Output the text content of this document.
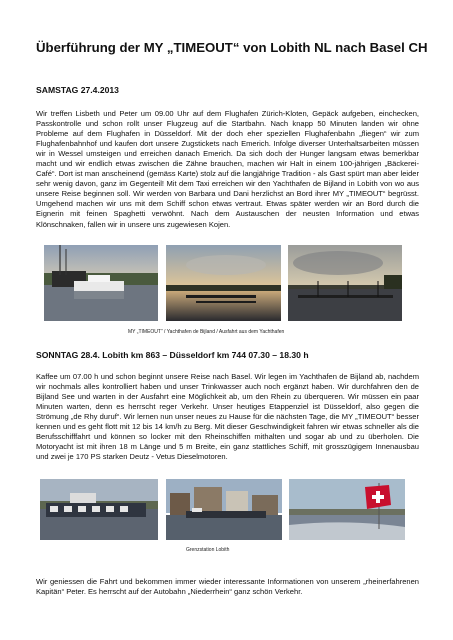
Überführung der MY „TIMEOUT“ von Lobith NL nach Basel CH
SAMSTAG 27.4.2013

Wir treffen Lisbeth und Peter um 09.00 Uhr auf dem Flughafen Zürich-Kloten, Gepäck aufgeben, einchecken, Passkontrolle und schon rollt unser Flugzeug auf die Startbahn. Nach knapp 50 Minuten landen wir ohne Probleme auf dem Flughafen in Düsseldorf. Mit der doch eher speziellen Flughafenbahn „fliegen“ wir zum Flughafenbahnhof und kaufen dort unsere Zugstickets nach Emerich. Infolge diverser Unterhaltsarbeiten müssen wir in Wessel umsteigen und erreichen danach Emerich. Da sich doch der Hunger langsam etwas bemerkbar macht und wir endlich etwas zwischen die Zähne brauchen, machen wir Halt in einem 100-jährigen „Bäckerei-Café“. Dort ist man anscheinend (gemäss Karte) stolz auf die langjährige Tradition - als Gast spürt man aber leider sehr wenig davon, ganz im Gegenteil! Mit dem Taxi erreichen wir den Yachthafen de Bijland in Lobith von wo aus unsere Reise beginnen soll. Wir werden von Barbara und Dani herzlichst an Bord ihrer MY „TIMEOUT“ begrüsst. Umgehend machen wir uns mit dem Schiff schon etwas vertraut. Etwas später werden wir an Bord durch die Eignerin mit feinen Spaghetti verwöhnt. Nach dem Austauschen der neusten Information und etwas Klönschnaken, fallen wir in unsere uns zugewiesen Kojen.

MY „TIMEOUT“ / Yachthafen de Bijland / Ausfahrt aus dem Yachthafen
SONNTAG 28.4. Lobith km 863 – Düsseldorf km 744 07.30 – 18.30 h

Kaffee um 07.00 h und schon beginnt unsere Reise nach Basel. Wir legen im Yachthafen de Bijland ab, nachdem wir nochmals alles kontrolliert haben und unser Trinkwasser auch noch ergänzt haben. Wir durchfahren den de Bijland See und warten in der Ausfahrt eine Möglichkeit ab, um den Rhein zu überqueren. Wir müssen ein paar Minuten warten, denn es herrscht reger Verkehr. Unser heutiges Etappenziel ist Düsseldorf, also gegen die Strömung „de Rhy duruf“. Wir lernen nun unser neues zu Hause für die nächsten Tage, die MY „TIMEOUT“ besser kennen und es geht flott mit 12 bis 14 km/h zu Berg. Mit dieser Geschwindigkeit fahren wir etwas schneller als die Berufsschifffahrt und können so locker mit den Rheinschiffen mithalten und sogar ab und zu überholen. Die Motoryacht ist mit ihren 18 m Länge und 5 m Breite, ein ganz stattliches Schiff, mit grosszügigem Innenausbau und zwei je 170 PS starken Deutz - Vetus Dieselmotoren.

Grenzstation Lobith

Wir geniessen die Fahrt und bekommen immer wieder interessante Informationen von unserem „rheinerfahrenen Kapitän“ Peter. Es herrscht auf der Autobahn „Niederrhein“ ganz schön Verkehr.
